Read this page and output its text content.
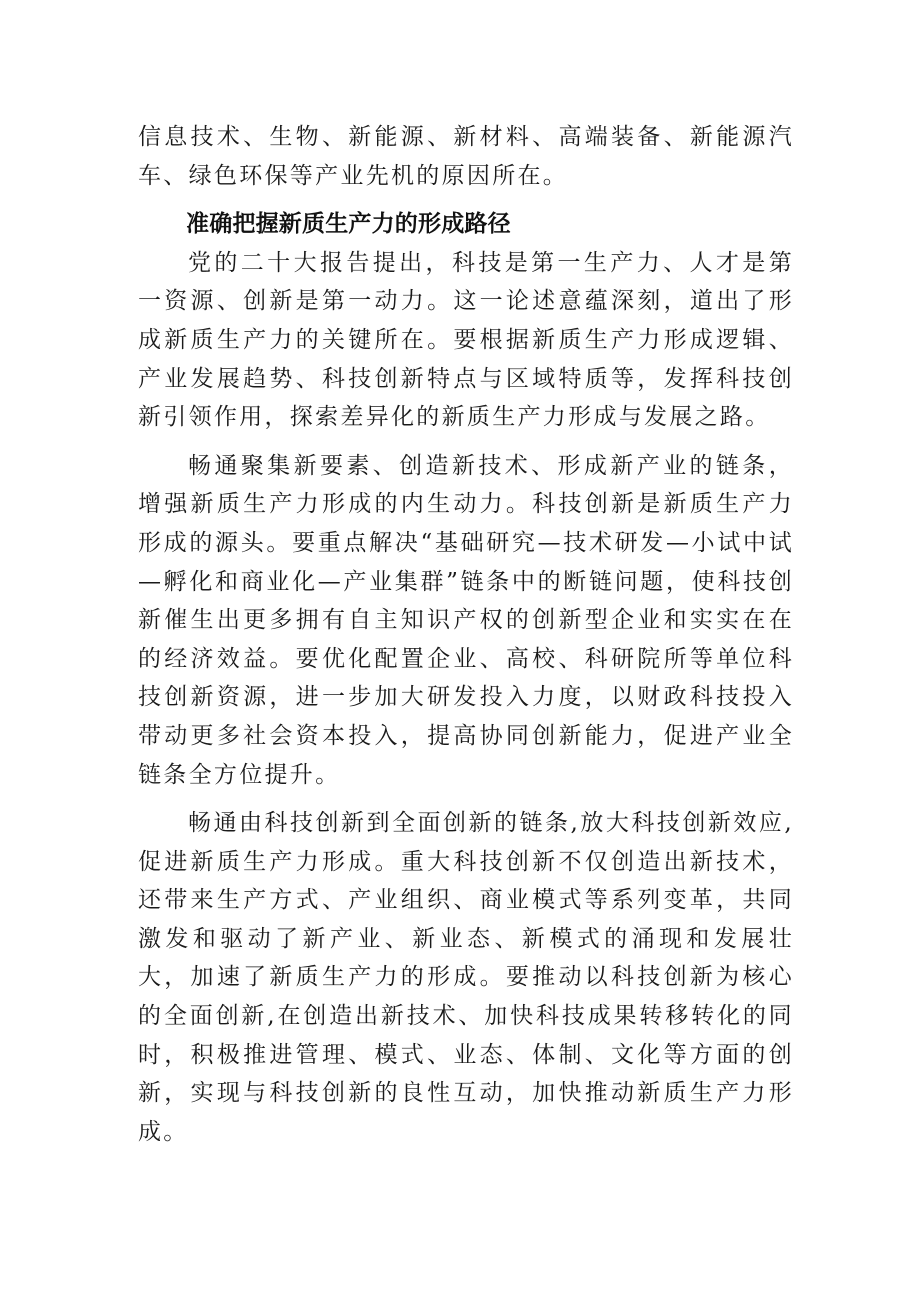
信息技术、生物、新能源、新材料、高端装备、新能源汽车、绿色环保等产业先机的原因所在。

准确把握新质生产力的形成路径

党的二十大报告提出，科技是第一生产力、人才是第一资源、创新是第一动力。这一论述意蕴深刻，道出了形成新质生产力的关键所在。要根据新质生产力形成逻辑、产业发展趋势、科技创新特点与区域特质等，发挥科技创新引领作用，探索差异化的新质生产力形成与发展之路。

畅通聚集新要素、创造新技术、形成新产业的链条，增强新质生产力形成的内生动力。科技创新是新质生产力形成的源头。要重点解决“基础研究—技术研发—小试中试—孵化和商业化—产业集群”链条中的断链问题，使科技创新催生出更多拥有自主知识产权的创新型企业和实实在在的经济效益。要优化配置企业、高校、科研院所等单位科技创新资源，进一步加大研发投入力度，以财政科技投入带动更多社会资本投入，提高协同创新能力，促进产业全链条全方位提升。

畅通由科技创新到全面创新的链条,放大科技创新效应,促进新质生产力形成。重大科技创新不仅创造出新技术，还带来生产方式、产业组织、商业模式等系列变革，共同激发和驱动了新产业、新业态、新模式的涌现和发展壮大，加速了新质生产力的形成。要推动以科技创新为核心的全面创新,在创造出新技术、加快科技成果转移转化的同时，积极推进管理、模式、业态、体制、文化等方面的创新，实现与科技创新的良性互动，加快推动新质生产力形成。
